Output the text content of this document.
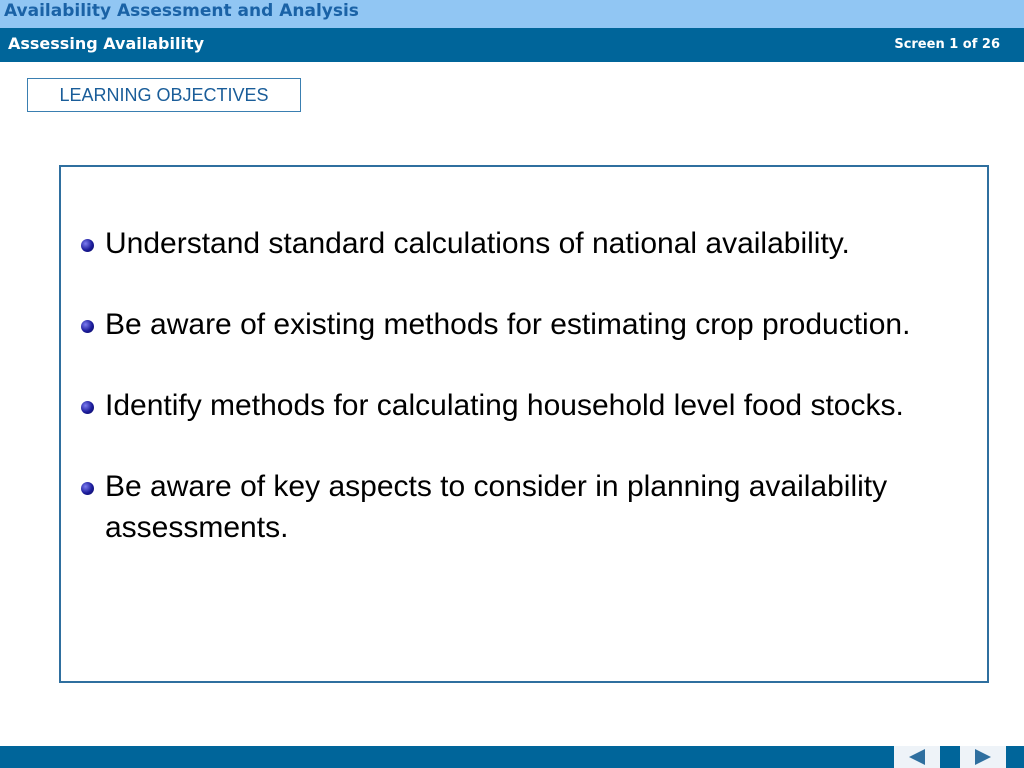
Availability Assessment and Analysis
Assessing Availability	Screen 1 of 26
LEARNING OBJECTIVES
Understand standard calculations of national availability.
Be aware of existing methods for estimating crop production.
Identify methods for calculating household level food stocks.
Be aware of key aspects to consider in planning availability assessments.
